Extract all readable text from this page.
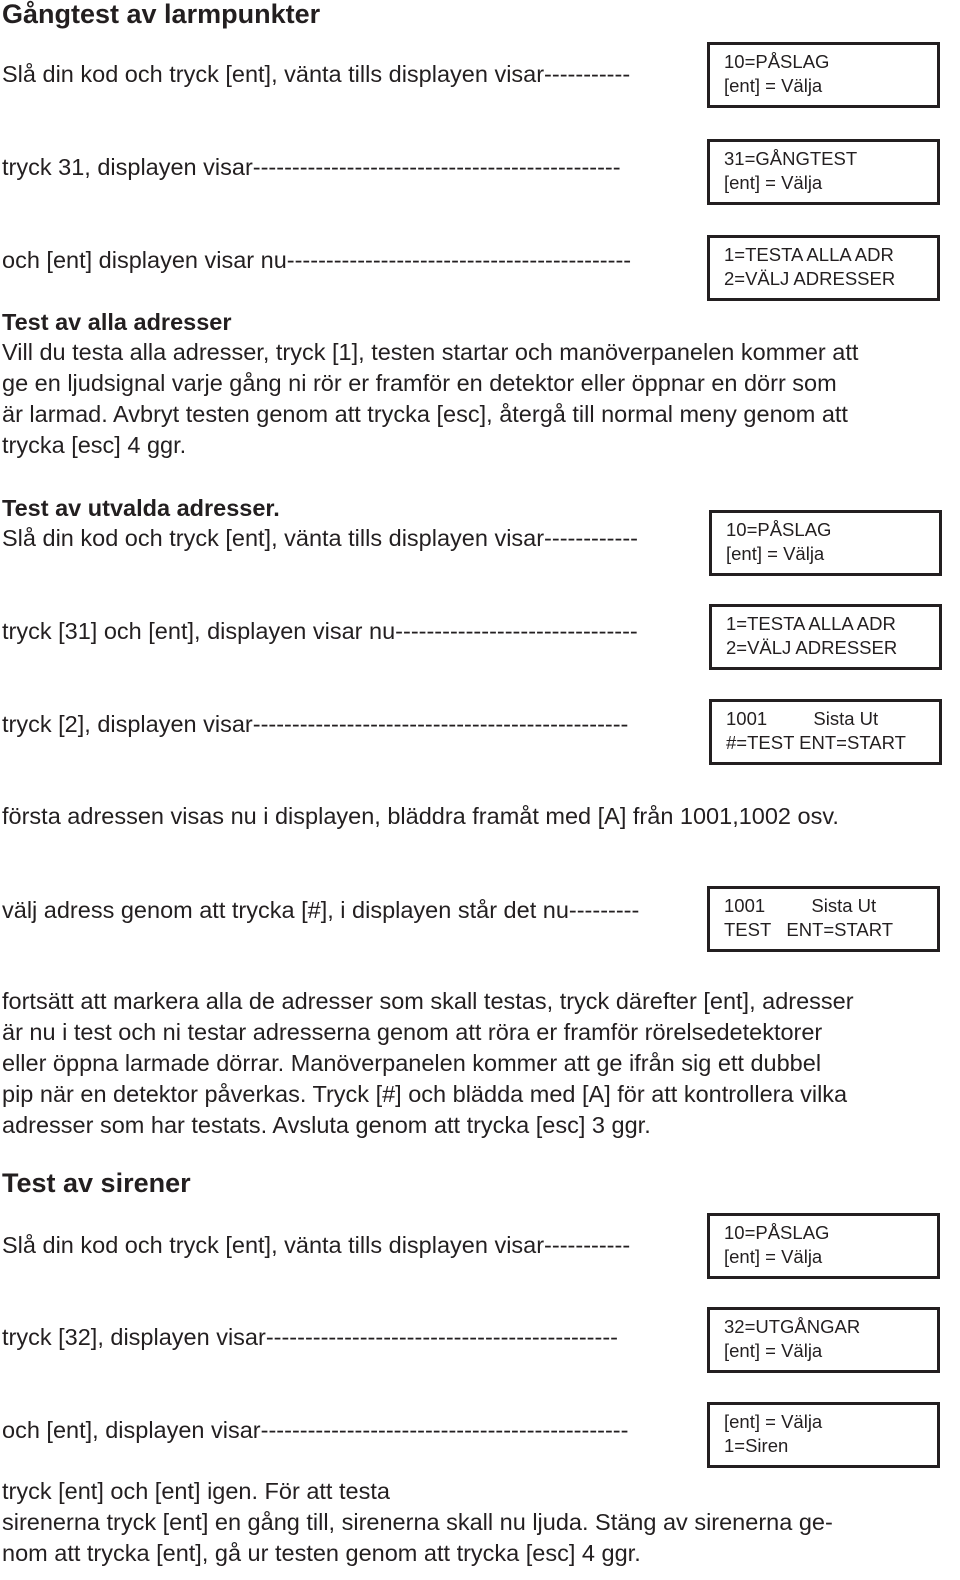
Gångtest av larmpunkter
Slå din kod och tryck [ent], vänta tills displayen visar-----------	10=PÅSLAG
[ent] = Välja
tryck 31, displayen visar-----------------------------------------------	31=GÅNGTEST
[ent] = Välja
och [ent] displayen visar nu--------------------------------------------	1=TESTA ALLA ADR
2=VÄLJ ADRESSER
Test av alla adresser
Vill du testa alla adresser, tryck [1], testen startar och manöverpanelen kommer att
ge en ljudsignal varje gång ni rör er framför en detektor eller öppnar en dörr som
är larmad. Avbryt testen genom att trycka [esc], återgå till normal meny genom att
trycka [esc] 4 ggr.
Test av utvalda adresser.
Slå din kod och tryck [ent], vänta tills displayen visar------------	10=PÅSLAG
[ent] = Välja
tryck [31] och [ent], displayen visar nu-------------------------------	1=TESTA ALLA ADR
2=VÄLJ ADRESSER
tryck [2], displayen visar------------------------------------------------	1001         Sista Ut
#=TEST ENT=START
första adressen visas nu i displayen, bläddra framåt med [A] från 1001,1002 osv.
välj adress genom att trycka [#], i displayen står det nu---------	1001         Sista Ut
TEST   ENT=START
fortsätt att markera alla de adresser som skall testas, tryck därefter [ent], adresser
är nu i test och ni testar adresserna genom att röra er framför rörelsedetektorer
eller öppna larmade dörrar. Manöverpanelen kommer att ge ifrån sig ett dubbel
pip när en detektor påverkas. Tryck [#] och blädda med [A] för att kontrollera vilka
adresser som har testats. Avsluta genom att trycka [esc] 3 ggr.
Test av sirener
Slå din kod och tryck [ent], vänta tills displayen visar-----------	10=PÅSLAG
[ent] = Välja
tryck [32], displayen visar---------------------------------------------	32=UTGÅNGAR
[ent] = Välja
och [ent], displayen visar-----------------------------------------------	[ent] = Välja
1=Siren
tryck [ent] och [ent] igen. För att testa
sirenerna tryck [ent] en gång till, sirenerna skall nu ljuda. Stäng av sirenerna ge-
nom att trycka [ent], gå ur testen genom att trycka [esc] 4 ggr.
